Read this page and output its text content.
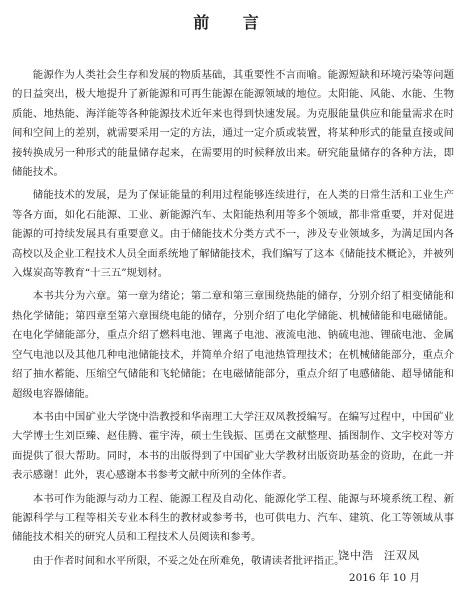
前 言

能源作为人类社会生存和发展的物质基础，其重要性不言而喻。能源短缺和环境污染等问题的日益突出，极大地提升了新能源和可再生能源在能源领域的地位。太阳能、风能、水能、生物质能、地热能、海洋能等各种能源技术近年来也得到快速发展。为克服能量供应和能量需求在时间和空间上的差别，就需要采用一定的方法，通过一定介质或装置，将某种形式的能量直接或间接转换成另一种形式的能量储存起来，在需要用的时候释放出来。研究能量储存的各种方法，即储能技术。

储能技术的发展，是为了保证能量的利用过程能够连续进行，在人类的日常生活和工业生产等各方面，如化石能源、工业、新能源汽车、太阳能热利用等多个领域，都非常重要，并对促进能源的可持续发展具有重要意义。由于储能技术分类方式不一，涉及专业领域多，为满足国内各高校以及企业工程技术人员全面系统地了解储能技术，我们编写了这本《储能技术概论》，并被列入煤炭高等教育“十三五”规划材。

本书共分为六章。第一章为绪论；第二章和第三章围绕热能的储存，分别介绍了相变储能和热化学储能；第四章至第六章围绕电能的储存，分别介绍了电化学储能、机械储能和电磁储能。在电化学储能部分，重点介绍了燃料电池、锂离子电池、液流电池、钠硫电池、锂硫电池、金属空气电池以及其他几种电池储能技术，并简单介绍了电池热管理技术；在机械储能部分，重点介绍了抽水蓄能、压缩空气储能和飞轮储能；在电磁储能部分，重点介绍了电感储能、超导储能和超级电容器储能。

本书由中国矿业大学饶中浩教授和华南理工大学汪双凤教授编写。在编写过程中，中国矿业大学博士生刘臣臻、赵佳腾、霍宇涛，硕士生钱振、匡勇在文献整理、插图制作、文字校对等方面提供了很大帮助。同时，本书的出版得到了中国矿业大学教材出版资助基金的资助，在此一并表示感谢！此外，衷心感谢本书参考文献中所列的全体作者。

本书可作为能源与动力工程、能源工程及自动化、能源化学工程、能源与环境系统工程、新能源科学与工程等相关专业本科生的教材或参考书，也可供电力、汽车、建筑、化工等领域从事储能技术相关的研究人员和工程技术人员阅读和参考。

由于作者时间和水平所限，不妥之处在所难免，敬请读者批评指正。

饶中浩 汪双凤
2016 年 10 月
